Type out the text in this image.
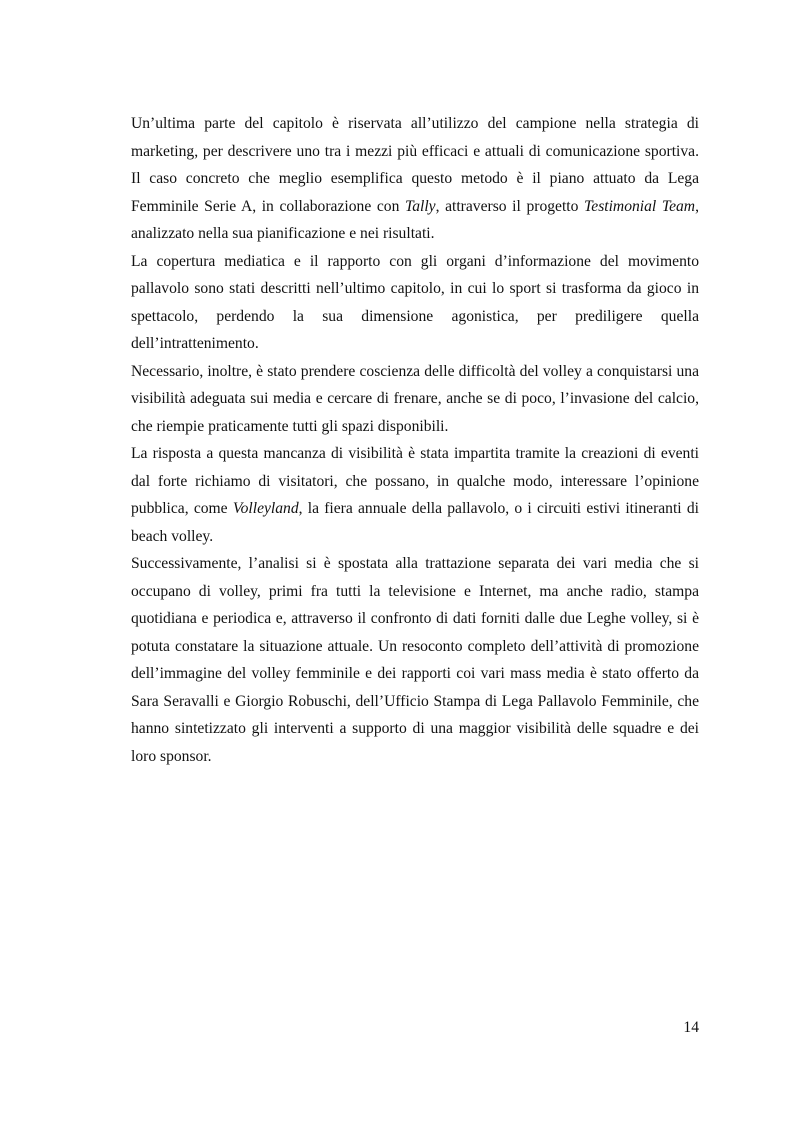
Un’ultima parte del capitolo è riservata all’utilizzo del campione nella strategia di marketing, per descrivere uno tra i mezzi più efficaci e attuali di comunicazione sportiva. Il caso concreto che meglio esemplifica questo metodo è il piano attuato da Lega Femminile Serie A, in collaborazione con Tally, attraverso il progetto Testimonial Team, analizzato nella sua pianificazione e nei risultati.

La copertura mediatica e il rapporto con gli organi d’informazione del movimento pallavolo sono stati descritti nell’ultimo capitolo, in cui lo sport si trasforma da gioco in spettacolo, perdendo la sua dimensione agonistica, per prediligere quella dell’intrattenimento.

Necessario, inoltre, è stato prendere coscienza delle difficoltà del volley a conquistarsi una visibilità adeguata sui media e cercare di frenare, anche se di poco, l’invasione del calcio, che riempie praticamente tutti gli spazi disponibili.

La risposta a questa mancanza di visibilità è stata impartita tramite la creazioni di eventi dal forte richiamo di visitatori, che possano, in qualche modo, interessare l’opinione pubblica, come Volleyland, la fiera annuale della pallavolo, o i circuiti estivi itineranti di beach volley.

Successivamente, l’analisi si è spostata alla trattazione separata dei vari media che si occupano di volley, primi fra tutti la televisione e Internet, ma anche radio, stampa quotidiana e periodica e, attraverso il confronto di dati forniti dalle due Leghe volley, si è potuta constatare la situazione attuale. Un resoconto completo dell’attività di promozione dell’immagine del volley femminile e dei rapporti coi vari mass media è stato offerto da Sara Seravalli e Giorgio Robuschi, dell’Ufficio Stampa di Lega Pallavolo Femminile, che hanno sintetizzato gli interventi a supporto di una maggior visibilità delle squadre e dei loro sponsor.

14
